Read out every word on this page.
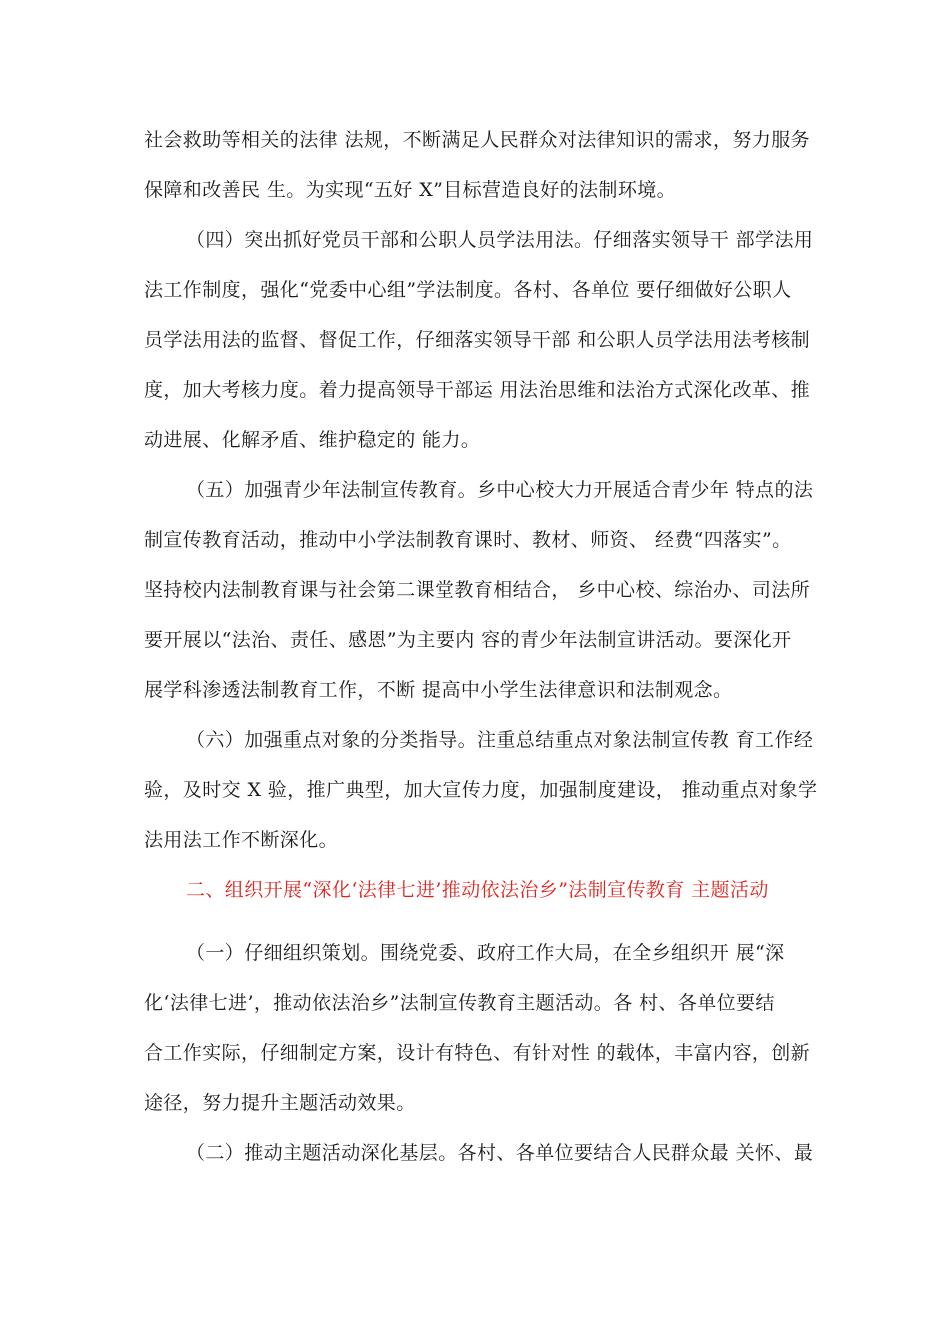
社会救助等相关的法律 法规，不断满足人民群众对法律知识的需求，努力服务
保障和改善民 生。为实现“五好 X”目标营造良好的法制环境。
（四）突出抓好党员干部和公职人员学法用法。仔细落实领导干 部学法用
法工作制度，强化“党委中心组”学法制度。各村、各单位 要仔细做好公职人
员学法用法的监督、督促工作，仔细落实领导干部 和公职人员学法用法考核制
度，加大考核力度。着力提高领导干部运 用法治思维和法治方式深化改革、推
动进展、化解矛盾、维护稳定的 能力。
（五）加强青少年法制宣传教育。乡中心校大力开展适合青少年 特点的法
制宣传教育活动，推动中小学法制教育课时、教材、师资、 经费“四落实”。
坚持校内法制教育课与社会第二课堂教育相结合， 乡中心校、综治办、司法所
要开展以“法治、责任、感恩”为主要内 容的青少年法制宣讲活动。要深化开
展学科渗透法制教育工作，不断 提高中小学生法律意识和法制观念。
（六）加强重点对象的分类指导。注重总结重点对象法制宣传教 育工作经
验，及时交 X 验，推广典型，加大宣传力度，加强制度建设， 推动重点对象学
法用法工作不断深化。
二、组织开展“深化‘法律七进’推动依法治乡”法制宣传教育 主题活动
（一）仔细组织策划。围绕党委、政府工作大局，在全乡组织开 展“深
化‘法律七进’，推动依法治乡”法制宣传教育主题活动。各 村、各单位要结
合工作实际，仔细制定方案，设计有特色、有针对性 的载体，丰富内容，创新
途径，努力提升主题活动效果。
（二）推动主题活动深化基层。各村、各单位要结合人民群众最 关怀、最
